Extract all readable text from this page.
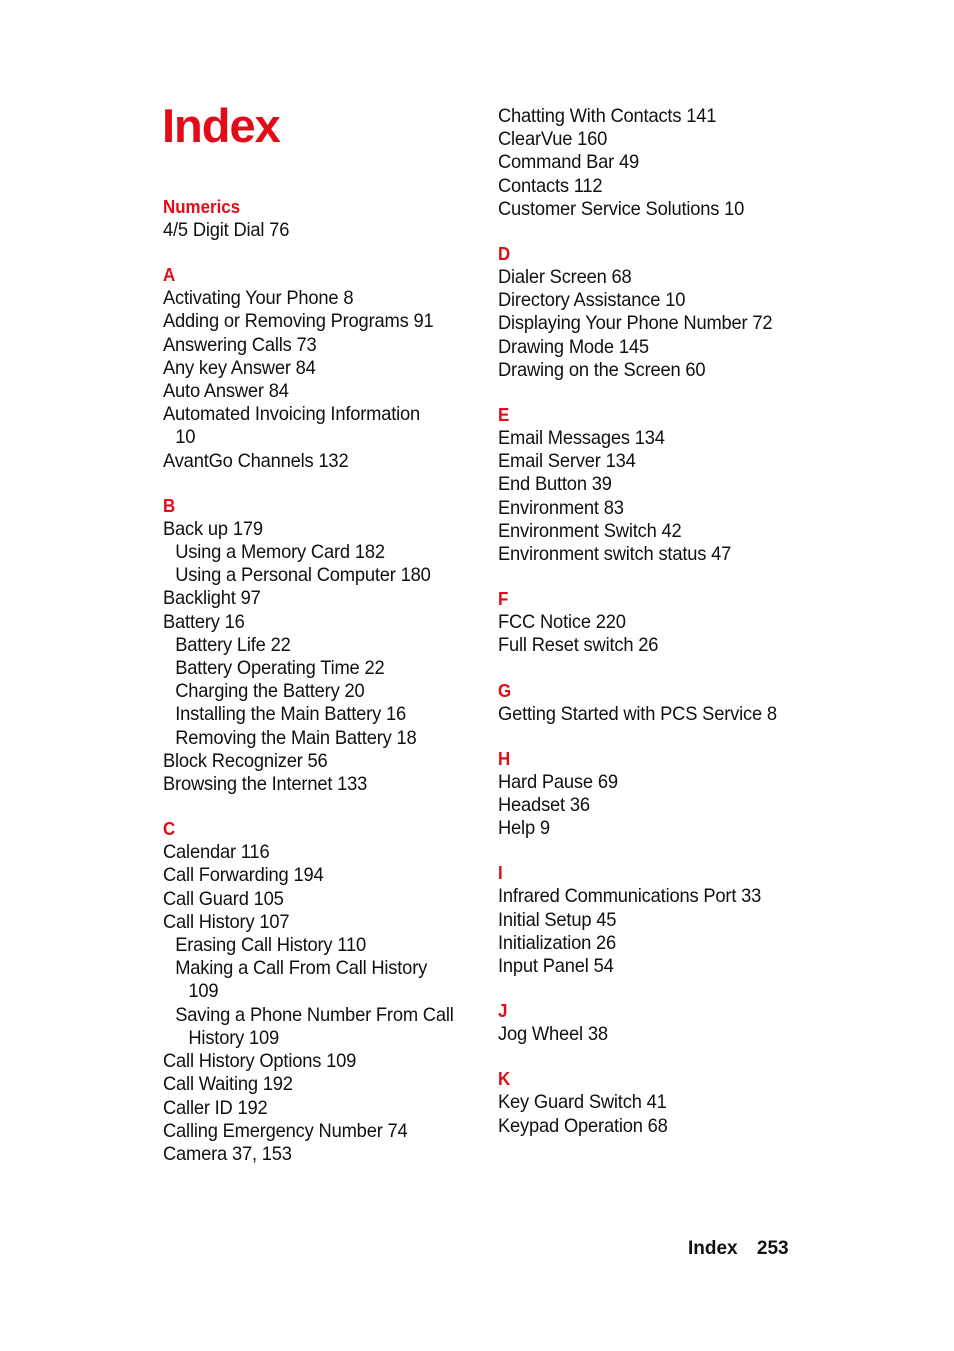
Index
Numerics
4/5 Digit Dial 76
A
Activating Your Phone 8
Adding or Removing Programs 91
Answering Calls 73
Any key Answer 84
Auto Answer 84
Automated Invoicing Information
10
AvantGo Channels 132
B
Back up 179
Using a Memory Card 182
Using a Personal Computer 180
Backlight 97
Battery 16
Battery Life 22
Battery Operating Time 22
Charging the Battery 20
Installing the Main Battery 16
Removing the Main Battery 18
Block Recognizer 56
Browsing the Internet 133
C
Calendar 116
Call Forwarding 194
Call Guard 105
Call History 107
Erasing Call History 110
Making a Call From Call History
109
Saving a Phone Number From Call
History 109
Call History Options 109
Call Waiting 192
Caller ID 192
Calling Emergency Number 74
Camera 37, 153
Chatting With Contacts 141
ClearVue 160
Command Bar 49
Contacts 112
Customer Service Solutions 10
D
Dialer Screen 68
Directory Assistance 10
Displaying Your Phone Number 72
Drawing Mode 145
Drawing on the Screen 60
E
Email Messages 134
Email Server 134
End Button 39
Environment 83
Environment Switch 42
Environment switch status 47
F
FCC Notice 220
Full Reset switch 26
G
Getting Started with PCS Service 8
H
Hard Pause 69
Headset 36
Help 9
I
Infrared Communications Port 33
Initial Setup 45
Initialization 26
Input Panel 54
J
Jog Wheel 38
K
Key Guard Switch 41
Keypad Operation 68
Index 253
